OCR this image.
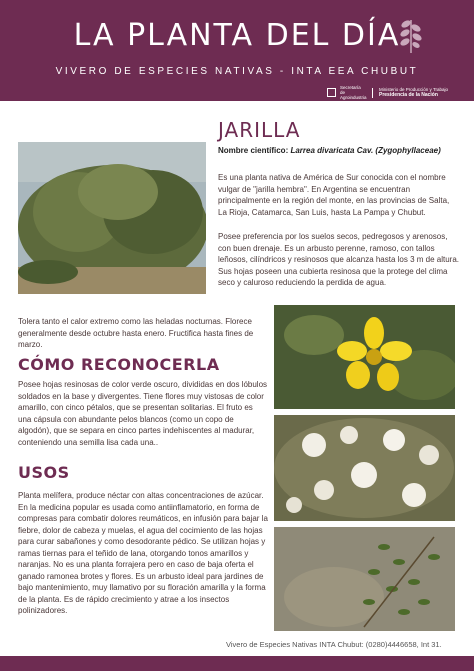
LA PLANTA DEL DÍA
VIVERO DE ESPECIES NATIVAS - INTA EEA CHUBUT
Secretaría de Agroindustria
Ministerio de Producción y Trabajo
Presidencia de la Nación
JARILLA
Nombre científico: Larrea divaricata Cav. (Zygophyllaceae)
Es una planta nativa de América de Sur conocida con el nombre vulgar de "jarilla hembra". En Argentina se encuentran principalmente en la región del monte, en las provincias de Salta, La Rioja, Catamarca, San Luis, hasta La Pampa y Chubut.
Posee preferencia por los suelos secos, pedregosos y arenosos, con buen drenaje. Es un arbusto perenne, ramoso, con tallos leñosos, cilíndricos y resinosos que alcanza hasta los 3 m de altura. Sus hojas poseen una cubierta resinosa que la protege del clima seco y caluroso reduciendo la perdida de agua.
Tolera tanto el calor extremo como las heladas nocturnas. Florece generalmente desde octubre hasta enero. Fructifica hasta fines de marzo.
CÓMO RECONOCERLA
Posee hojas resinosas de color verde oscuro, divididas en dos lóbulos soldados en la base y divergentes. Tiene flores muy vistosas de color amarillo, con cinco pétalos, que se presentan solitarias. El fruto es una cápsula con abundante pelos blancos (como un copo de algodón), que se separa en cinco partes indehiscentes al madurar, conteniendo una semilla lisa cada una..
USOS
Planta melífera, produce néctar con altas concentraciones de azúcar. En la medicina popular es usada como antiinflamatorio, en forma de compresas para combatir dolores reumáticos, en infusión para bajar la fiebre, dolor de cabeza y muelas, el agua del cocimiento de las hojas para curar sabañones y como desodorante pédico. Se utilizan hojas y ramas tiernas para el teñido de lana, otorgando tonos amarillos y naranjas. No es una planta forrajera pero en caso de baja oferta el ganado ramonea brotes y flores. Es un arbusto ideal para jardines de bajo mantenimiento, muy llamativo por su floración amarilla y la forma de la planta. Es de rápido crecimiento y atrae a los insectos polinizadores.
Vivero de Especies Nativas INTA Chubut: (0280)4446658, Int 31.
